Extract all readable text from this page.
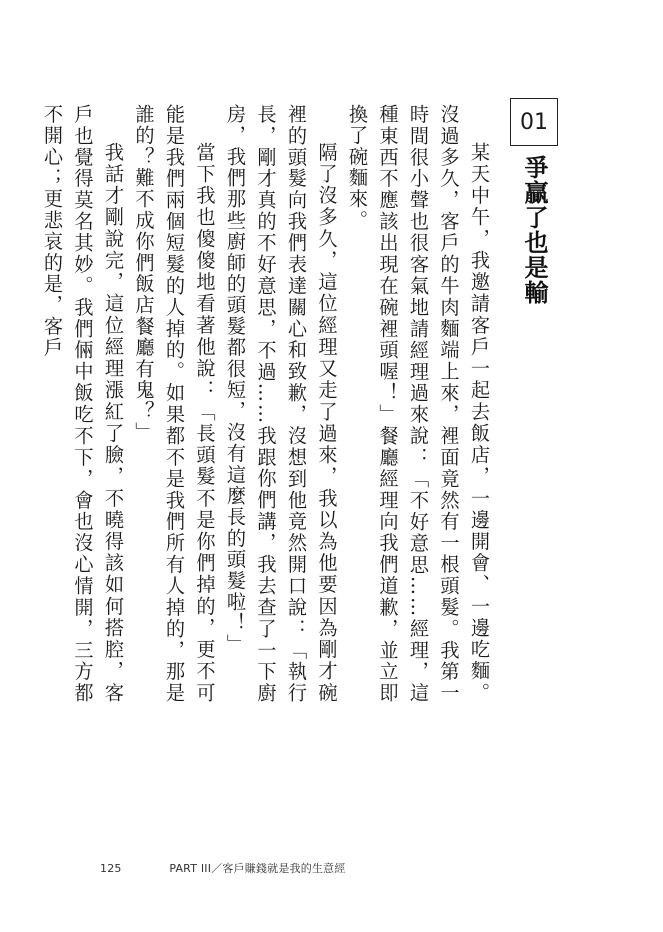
01
爭贏了也是輸

某天中午，我邀請客戶一起去飯店，一邊開會、一邊吃麵。沒過多久，客戶的牛肉麵端上來，裡面竟然有一根頭髮。我第一時間很小聲也很客氣地請經理過來說：「不好意思……經理，這種東西不應該出現在碗裡頭喔！」餐廳經理向我們道歉，並立即換了碗麵來。

隔了沒多久，這位經理又走了過來，我以為他要因為剛才碗裡的頭髮向我們表達關心和致歉，沒想到他竟然開口說：「執行長，剛才真的不好意思，不過……我跟你們講，我去查了一下廚房，我們那些廚師的頭髮都很短，沒有這麼長的頭髮啦！」

當下我也傻傻地看著他說：「長頭髮不是你們掉的，更不可能是我們兩個短髮的人掉的。如果都不是我們所有人掉的，那是誰的？難不成你們飯店餐廳有鬼？」

我話才剛說完，這位經理漲紅了臉，不曉得該如何搭腔，客戶也覺得莫名其妙。我們倆中飯吃不下，會也沒心情開，三方都不開心；更悲哀的是，客戶

125	PART III／客戶賺錢就是我的生意經
